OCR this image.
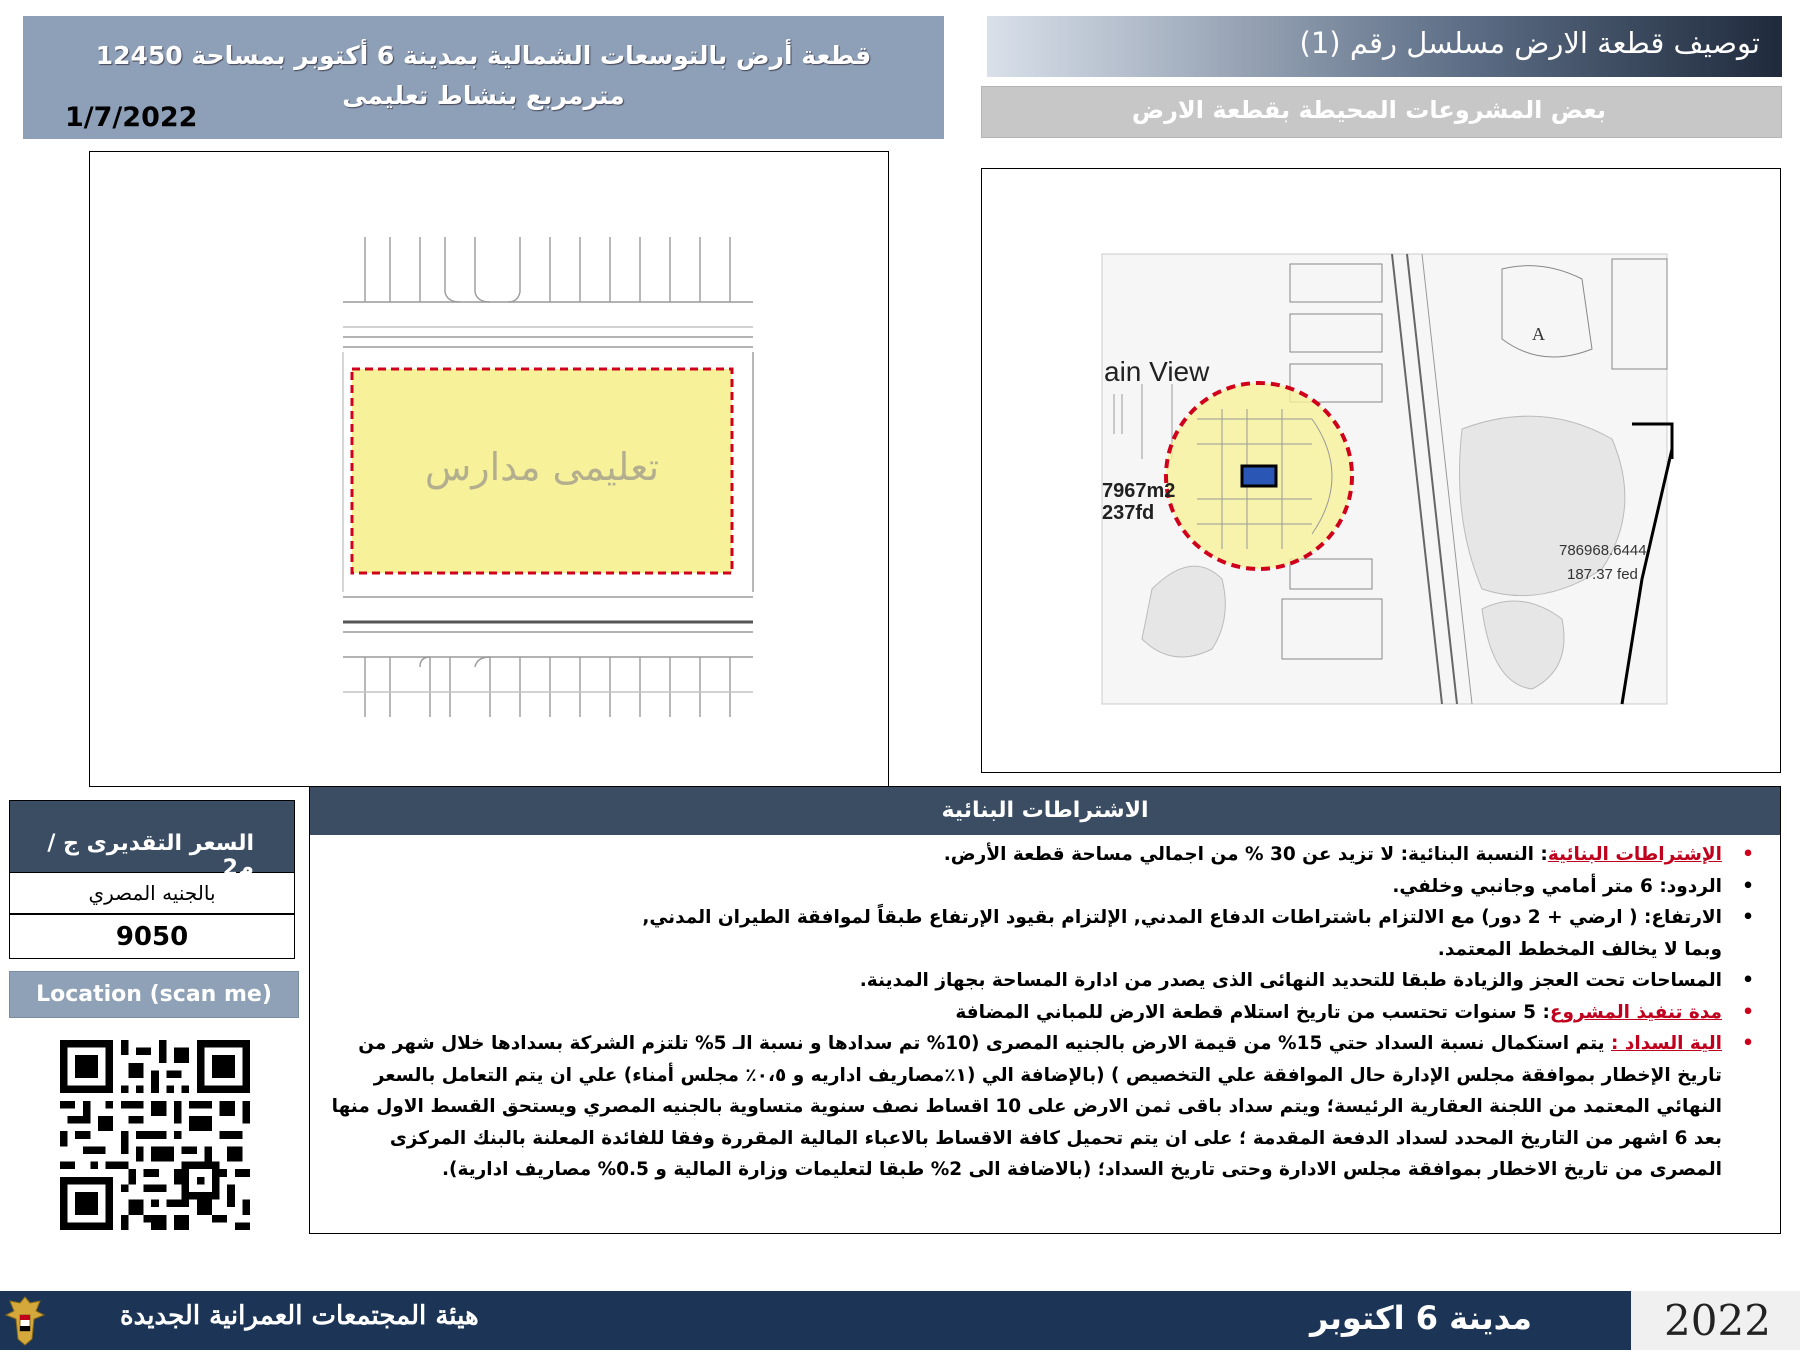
قطعة أرض بالتوسعات الشمالية بمدينة 6 أكتوبر بمساحة 12450 مترمربع بنشاط تعليمى
1/7/2022
توصيف قطعة الارض مسلسل رقم (1)
بعض المشروعات المحيطة بقطعة الارض
تعليمى مدارس
ain View
7967m2
237fd
786968.6444
187.37 fed
A
السعر التقديرى ج / م2
بالجنيه المصري
9050
Location (scan me)
الاشتراطات البنائية
•
الإشتراطات البنائية: النسبة البنائية: لا تزيد عن 30 % من اجمالي مساحة قطعة الأرض.
•
الردود: 6 متر أمامي وجانبي وخلفي.
•
الارتفاع: ( ارضي + 2 دور) مع الالتزام باشتراطات الدفاع المدني, الإلتزام بقيود الإرتفاع طبقاً لموافقة الطيران المدني,
وبما لا يخالف المخطط المعتمد.
•
المساحات تحت العجز والزيادة طبقا للتحديد النهائى الذى يصدر من ادارة المساحة بجهاز المدينة.
•
مدة تنفيذ المشروع: 5 سنوات تحتسب من تاريخ استلام قطعة الارض للمباني المضافة
•
الية السداد : يتم استكمال نسبة السداد حتي 15% من قيمة الارض بالجنيه المصرى (10% تم سدادها و نسبة الـ 5% تلتزم الشركة بسدادها خلال شهر من تاريخ الإخطار بموافقة مجلس الإدارة حال الموافقة علي التخصيص ) (بالإضافة الي (١٪مصاريف اداريه و ٠،٥٪ مجلس أمناء) علي ان يتم التعامل بالسعر النهائي المعتمد من اللجنة العقارية الرئيسة؛ ويتم سداد باقى ثمن الارض على 10 اقساط نصف سنوية متساوية بالجنيه المصري ويستحق القسط الاول منها بعد 6 اشهر من التاريخ المحدد لسداد الدفعة المقدمة ؛ على ان يتم تحميل كافة الاقساط بالاعباء المالية المقررة وفقا للفائدة المعلنة بالبنك المركزى المصرى من تاريخ الاخطار بموافقة مجلس الادارة وحتى تاريخ السداد؛ (بالاضافة الى 2% طبقا لتعليمات وزارة المالية و 0.5% مصاريف ادارية).
هيئة المجتمعات العمرانية الجديدة	مدينة 6 اكتوبر	2022
